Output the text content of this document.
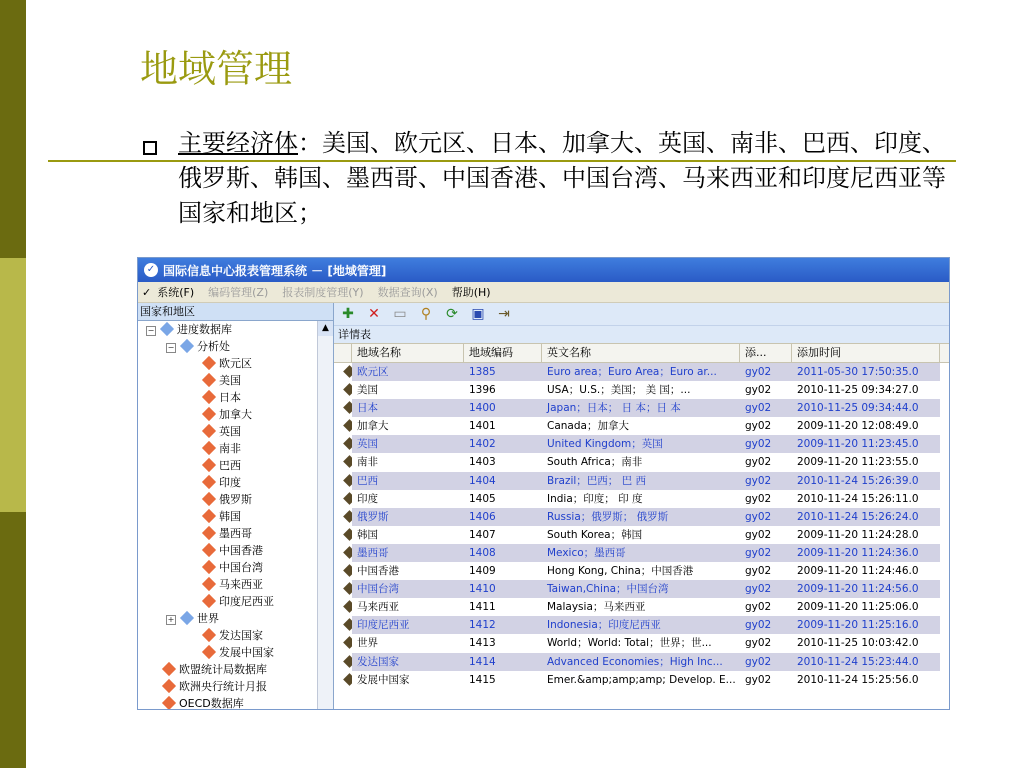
地域管理
主要经济体：美国、欧元区、日本、加拿大、英国、南非、巴西、印度、俄罗斯、韩国、墨西哥、中国香港、中国台湾、马来西亚和印度尼西亚等国家和地区；
✓ 国际信息中心报表管理系统 － [地域管理]
✓ 系统(F) 编码管理(Z) 报表制度管理(Y) 数据查询(X) 帮助(H)
国家和地区
▲
− 进度数据库
− 分析处
欧元区
美国
日本
加拿大
英国
南非
巴西
印度
俄罗斯
韩国
墨西哥
中国香港
中国台湾
马来西亚
印度尼西亚
+ 世界
发达国家
发展中国家
欧盟统计局数据库
欧洲央行统计月报
OECD数据库
✚ ✕ ▭ ⚲ ⟳ ▣ ⇥
详情表
地域名称	地域编码	英文名称	添...	添加时间
欧元区	1385	Euro area；Euro Area；Euro ar...	gy02	2011-05-30 17:50:35.0
美国	1396	USA；U.S.；美国； 美 国；...	gy02	2010-11-25 09:34:27.0
日本	1400	Japan；日本； 日 本；日 本	gy02	2010-11-25 09:34:44.0
加拿大	1401	Canada；加拿大	gy02	2009-11-20 12:08:49.0
英国	1402	United Kingdom；英国	gy02	2009-11-20 11:23:45.0
南非	1403	South Africa；南非	gy02	2009-11-20 11:23:55.0
巴西	1404	Brazil；巴西； 巴 西	gy02	2010-11-24 15:26:39.0
印度	1405	India；印度； 印 度	gy02	2010-11-24 15:26:11.0
俄罗斯	1406	Russia；俄罗斯； 俄罗斯	gy02	2010-11-24 15:26:24.0
韩国	1407	South Korea；韩国	gy02	2009-11-20 11:24:28.0
墨西哥	1408	Mexico；墨西哥	gy02	2009-11-20 11:24:36.0
中国香港	1409	Hong Kong, China；中国香港	gy02	2009-11-20 11:24:46.0
中国台湾	1410	Taiwan,China；中国台湾	gy02	2009-11-20 11:24:56.0
马来西亚	1411	Malaysia；马来西亚	gy02	2009-11-20 11:25:06.0
印度尼西亚	1412	Indonesia；印度尼西亚	gy02	2009-11-20 11:25:16.0
世界	1413	World；World: Total；世界；世...	gy02	2010-11-25 10:03:42.0
发达国家	1414	Advanced Economies；High Inc...	gy02	2010-11-24 15:23:44.0
发展中国家	1415	Emer.&amp;amp;amp; Develop. E... gy02	2010-11-24 15:25:56.0
